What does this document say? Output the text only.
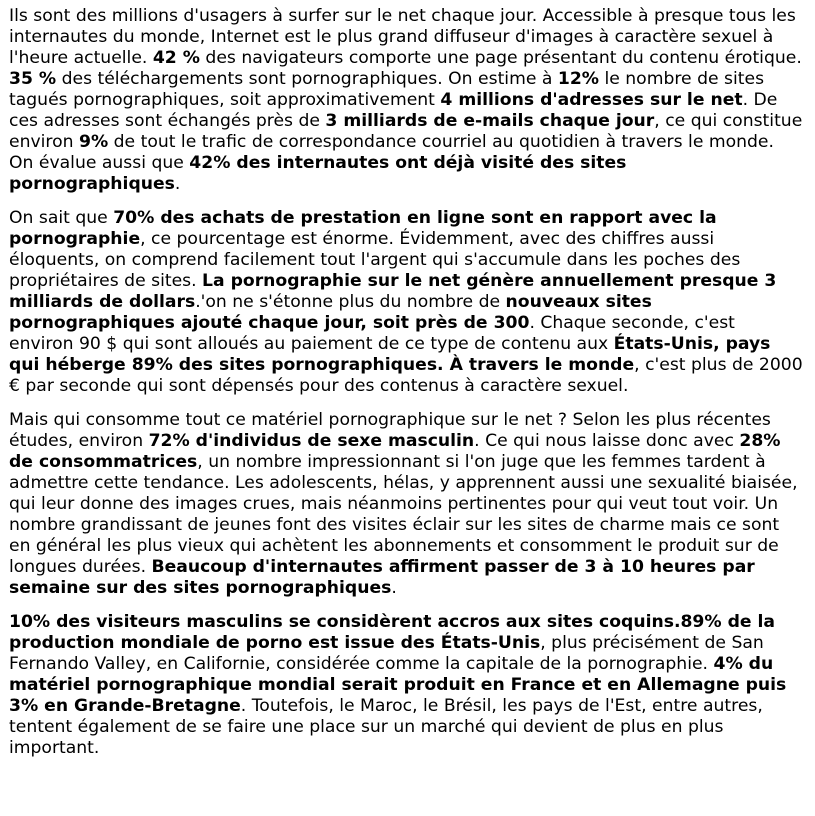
Ils sont des millions d'usagers à surfer sur le net chaque jour. Accessible à presque tous les internautes du monde, Internet est le plus grand diffuseur d'images à caractère sexuel à l'heure actuelle. 42 % des navigateurs comporte une page présentant du contenu érotique. 35 % des téléchargements sont pornographiques. On estime à 12% le nombre de sites tagués pornographiques, soit approximativement 4 millions d'adresses sur le net. De ces adresses sont échangés près de 3 milliards de e-mails chaque jour, ce qui constitue environ 9% de tout le trafic de correspondance courriel au quotidien à travers le monde. On évalue aussi que 42% des internautes ont déjà visité des sites pornographiques.

On sait que 70% des achats de prestation en ligne sont en rapport avec la pornographie, ce pourcentage est énorme. Évidemment, avec des chiffres aussi éloquents, on comprend facilement tout l'argent qui s'accumule dans les poches des propriétaires de sites. La pornographie sur le net génère annuellement presque 3 milliards de dollars.'on ne s'étonne plus du nombre de nouveaux sites pornographiques ajouté chaque jour, soit près de 300. Chaque seconde, c'est environ 90 $ qui sont alloués au paiement de ce type de contenu aux États-Unis, pays qui héberge 89% des sites pornographiques. À travers le monde, c'est plus de 2000 € par seconde qui sont dépensés pour des contenus à caractère sexuel.

Mais qui consomme tout ce matériel pornographique sur le net ? Selon les plus récentes études, environ 72% d'individus de sexe masculin. Ce qui nous laisse donc avec 28% de consommatrices, un nombre impressionnant si l'on juge que les femmes tardent à admettre cette tendance. Les adolescents, hélas, y apprennent aussi une sexualité biaisée, qui leur donne des images crues, mais néanmoins pertinentes pour qui veut tout voir. Un nombre grandissant de jeunes font des visites éclair sur les sites de charme mais ce sont en général les plus vieux qui achètent les abonnements et consomment le produit sur de longues durées. Beaucoup d'internautes affirment passer de 3 à 10 heures par semaine sur des sites pornographiques.

10% des visiteurs masculins se considèrent accros aux sites coquins.89% de la production mondiale de porno est issue des États-Unis, plus précisément de San Fernando Valley, en Californie, considérée comme la capitale de la pornographie. 4% du matériel pornographique mondial serait produit en France et en Allemagne puis 3% en Grande-Bretagne. Toutefois, le Maroc, le Brésil, les pays de l'Est, entre autres, tentent également de se faire une place sur un marché qui devient de plus en plus important.
